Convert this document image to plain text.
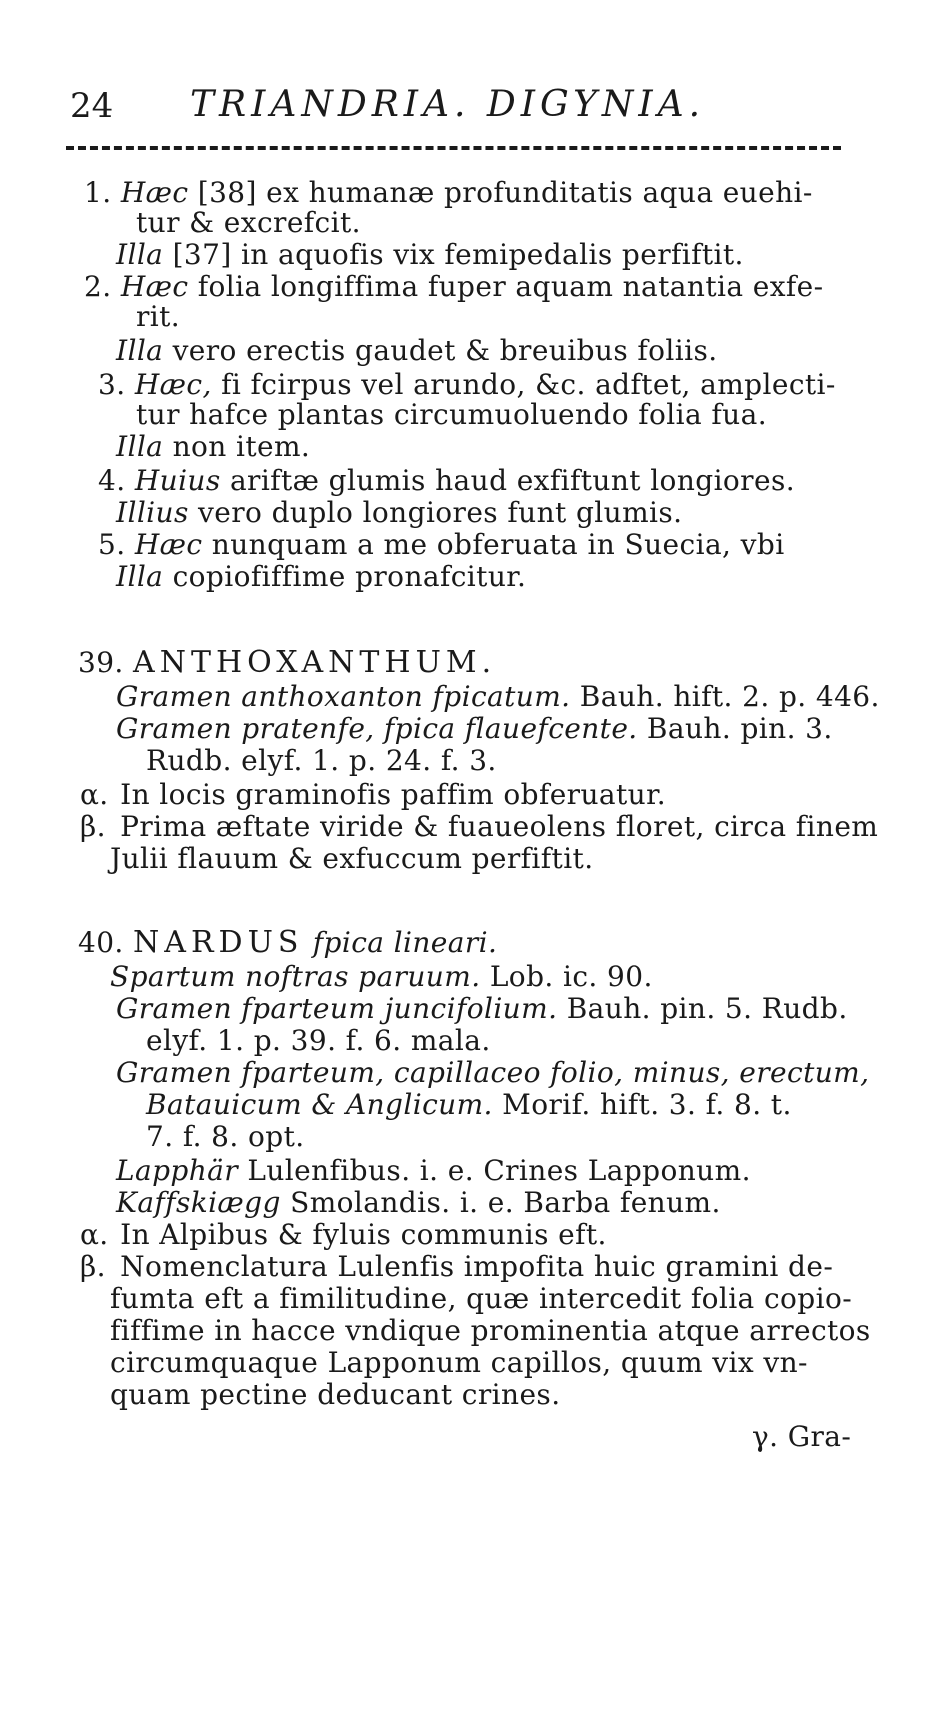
24 TRIANDRIA. DIGYNIA.
1. Hæc [38] ex humanæ profunditatis aqua euehi-
tur & excrefcit.
Illa [37] in aquofis vix femipedalis perfiftit.
2. Hæc folia longiffima fuper aquam natantia exfe-
rit.
Illa vero erectis gaudet & breuibus foliis.
3. Hæc, fi fcirpus vel arundo, &c. adftet, amplecti-
tur hafce plantas circumuoluendo folia fua.
Illa non item.
4. Huius ariftæ glumis haud exfiftunt longiores.
Illius vero duplo longiores funt glumis.
5. Hæc nunquam a me obferuata in Suecia, vbi
Illa copiofiffime pronafcitur.
39. ANTHOXANTHUM.
Gramen anthoxanton fpicatum. Bauh. hift. 2. p. 446.
Gramen pratenfe, fpica flauefcente. Bauh. pin. 3.
Rudb. elyf. 1. p. 24. f. 3.
α. In locis graminofis paffim obferuatur.
β. Prima æftate viride & fuaueolens floret, circa finem
Julii flauum & exfuccum perfiftit.
40. NARDUS fpica lineari.
Spartum noftras paruum. Lob. ic. 90.
Gramen fparteum juncifolium. Bauh. pin. 5. Rudb.
elyf. 1. p. 39. f. 6. mala.
Gramen fparteum, capillaceo folio, minus, erectum,
Batauicum & Anglicum. Morif. hift. 3. f. 8. t.
7. f. 8. opt.
Lapphär Lulenfibus. i. e. Crines Lapponum.
Kaffskiægg Smolandis. i. e. Barba fenum.
α. In Alpibus & fyluis communis eft.
β. Nomenclatura Lulenfis impofita huic gramini de-
fumta eft a fimilitudine, quæ intercedit folia copio-
fiffime in hacce vndique prominentia atque arrectos
circumquaque Lapponum capillos, quum vix vn-
quam pectine deducant crines.
γ. Gra-
